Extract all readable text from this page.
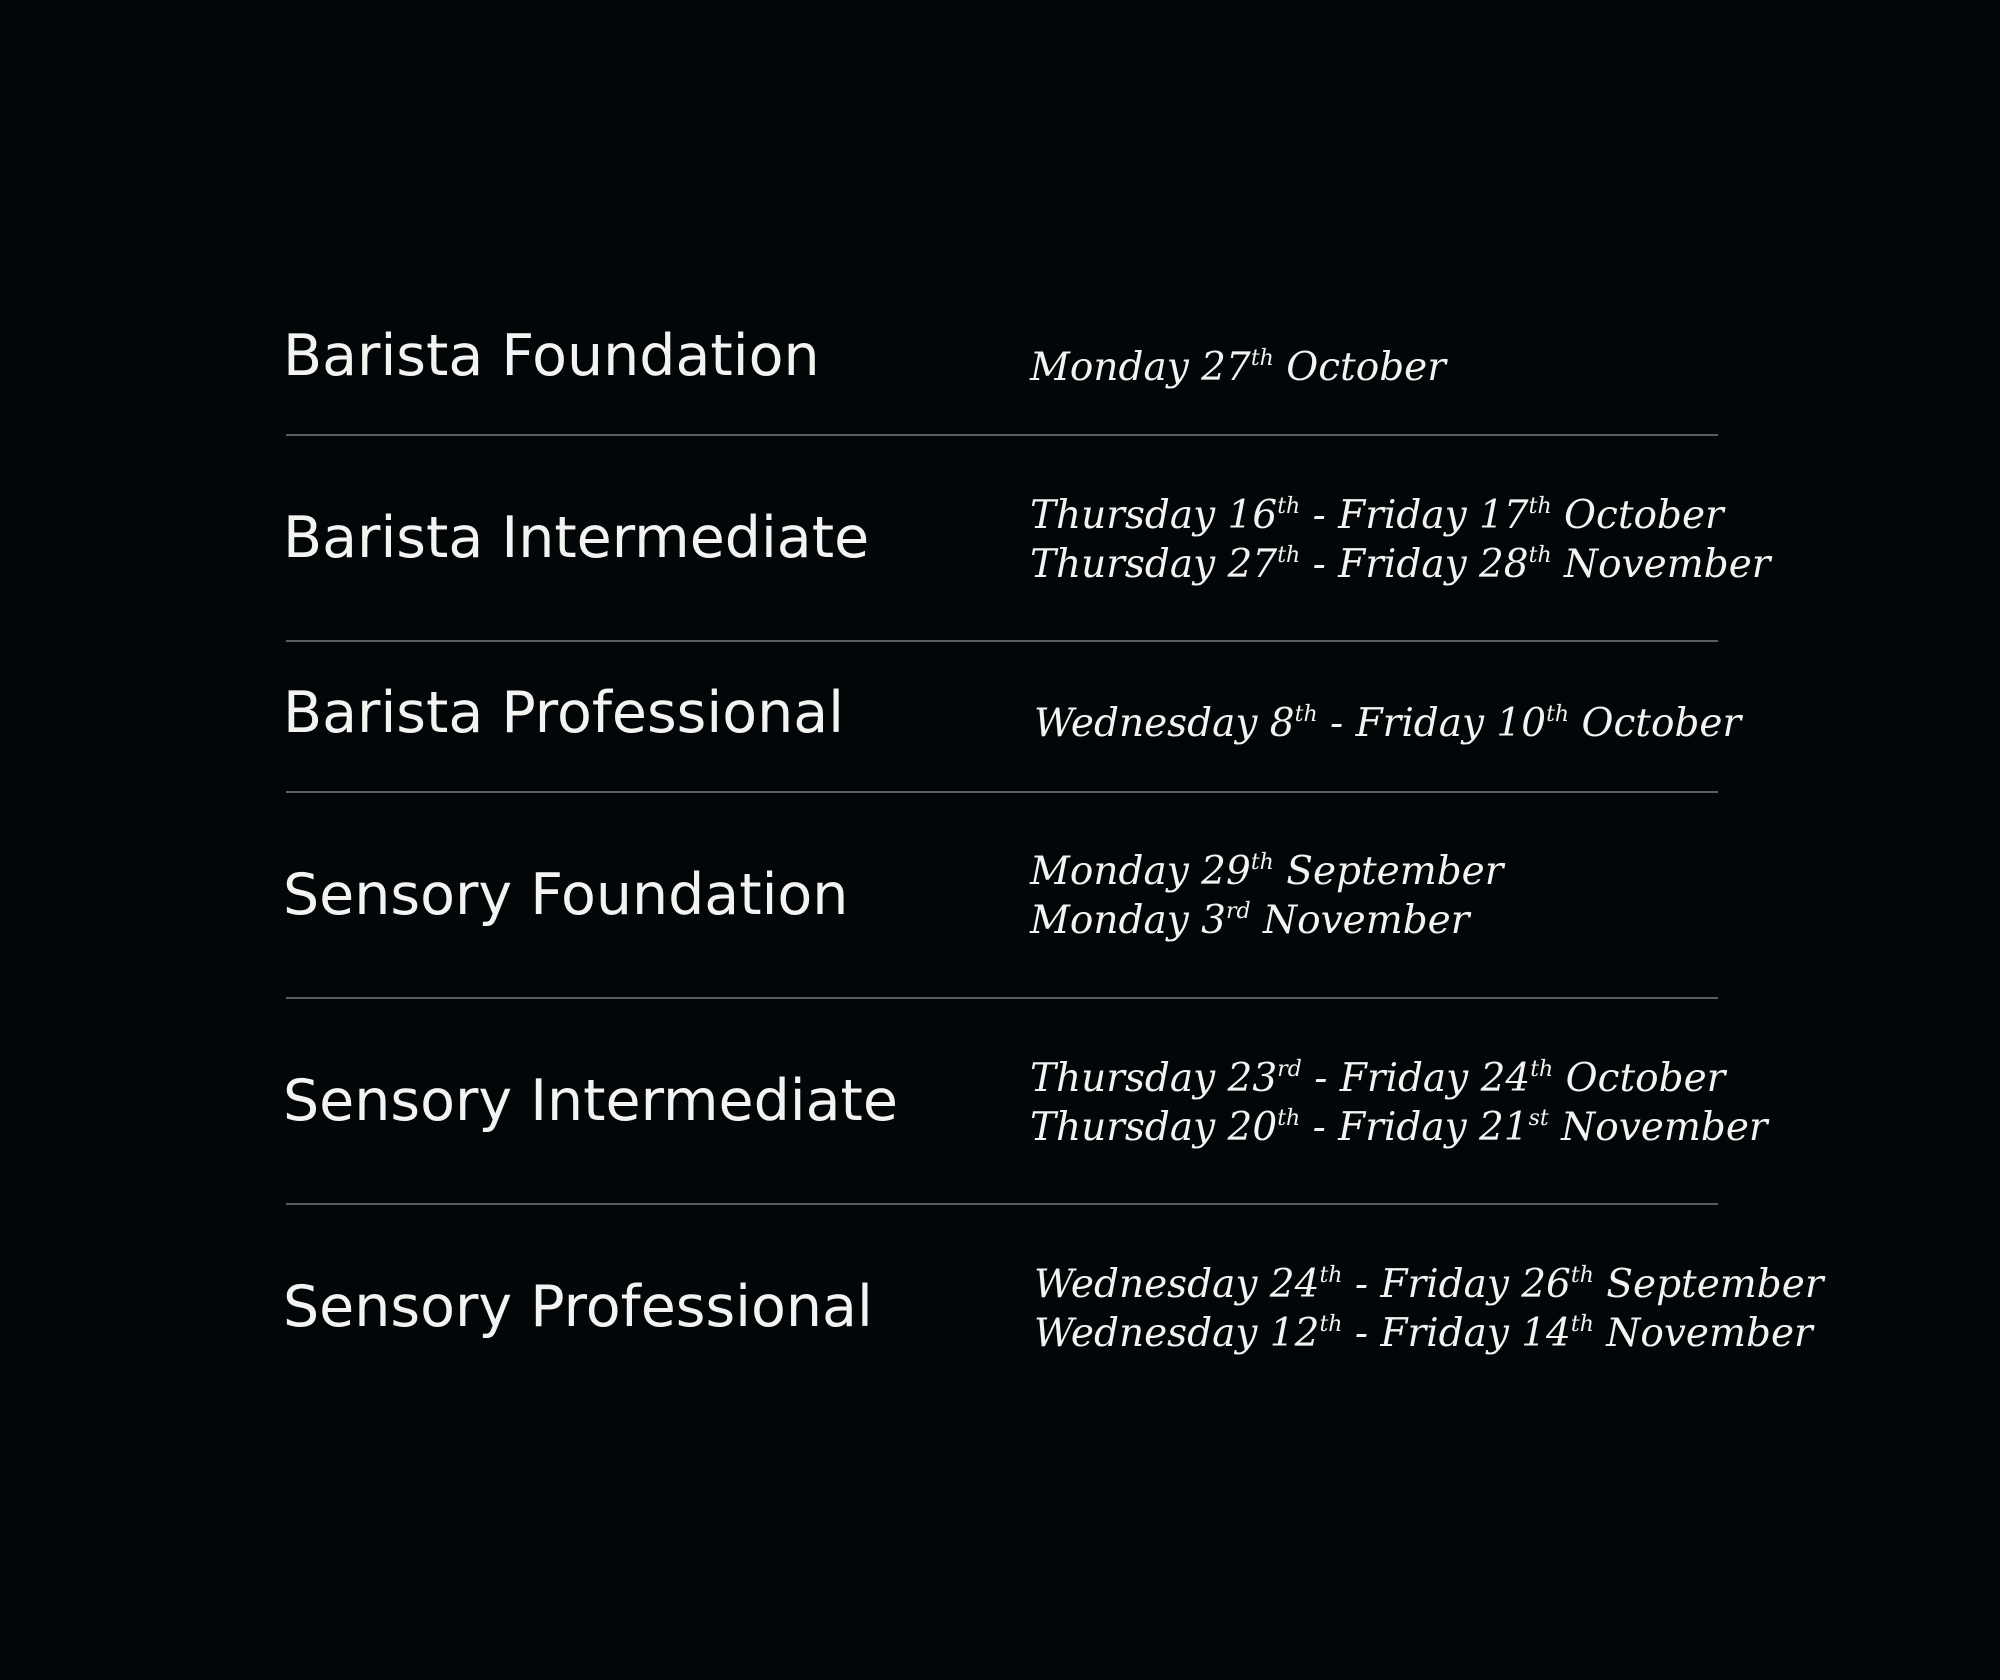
Barista Foundation	Monday 27th October
Barista Intermediate	Thursday 16th - Friday 17th October
Thursday 27th - Friday 28th November
Barista Professional	Wednesday 8th - Friday 10th October
Sensory Foundation	Monday 29th September
Monday 3rd November
Sensory Intermediate	Thursday 23rd - Friday 24th October
Thursday 20th - Friday 21st November
Sensory Professional	Wednesday 24th - Friday 26th September
Wednesday 12th - Friday 14th November
